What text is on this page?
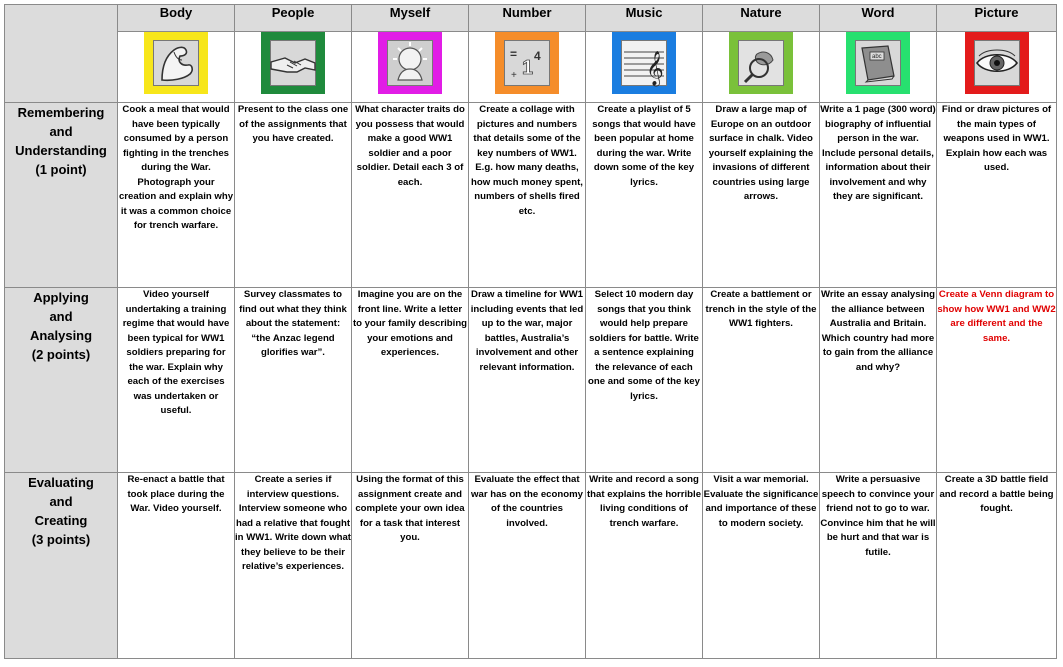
	Body	People	Myself	Number	Music	Nature	Word	Picture

=
1
4
+	𝄞		abc

Remembering
and
Understanding
(1 point)	Cook a meal that would have been typically consumed by a person fighting in the trenches during the War. Photograph your creation and explain why it was a common choice for trench warfare.	Present to the class one of the assignments that you have created.	What character traits do you possess that would make a good WW1 soldier and a poor soldier. Detail each 3 of each.	Create a collage with pictures and numbers that details some of the key numbers of WW1. E.g. how many deaths, how much money spent, numbers of shells fired etc.	Create a playlist of 5 songs that would have been popular at home during the war. Write down some of the key lyrics.	Draw a large map of Europe on an outdoor surface in chalk. Video yourself explaining the invasions of different countries using large arrows.	Write a 1 page (300 word) biography of influential person in the war. Include personal details, information about their involvement and why they are significant.	Find or draw pictures of the main types of weapons used in WW1. Explain how each was used.

Applying
and
Analysing
(2 points)	Video yourself undertaking a training regime that would have been typical for WW1 soldiers preparing for the war. Explain why each of the exercises was undertaken or useful.	Survey classmates to find out what they think about the statement: “the Anzac legend glorifies war”.	Imagine you are on the front line. Write a letter to your family describing your emotions and experiences.	Draw a timeline for WW1 including events that led up to the war, major battles, Australia’s involvement and other relevant information.	Select 10 modern day songs that you think would help prepare soldiers for battle. Write a sentence explaining the relevance of each one and some of the key lyrics.	Create a battlement or trench in the style of the WW1 fighters.	Write an essay analysing the alliance between Australia and Britain. Which country had more to gain from the alliance and why?	Create a Venn diagram to show how WW1 and WW2 are different and the same.

Evaluating
and
Creating
(3 points)	Re-enact a battle that took place during the War. Video yourself.	Create a series if interview questions. Interview someone who had a relative that fought in WW1. Write down what they believe to be their relative’s experiences.	Using the format of this assignment create and complete your own idea for a task that interest you.	Evaluate the effect that war has on the economy of the countries involved.	Write and record a song that explains the horrible living conditions of trench warfare.	Visit a war memorial. Evaluate the significance and importance of these to modern society.	Write a persuasive speech to convince your friend not to go to war. Convince him that he will be hurt and that war is futile.	Create a 3D battle field and record a battle being fought.
